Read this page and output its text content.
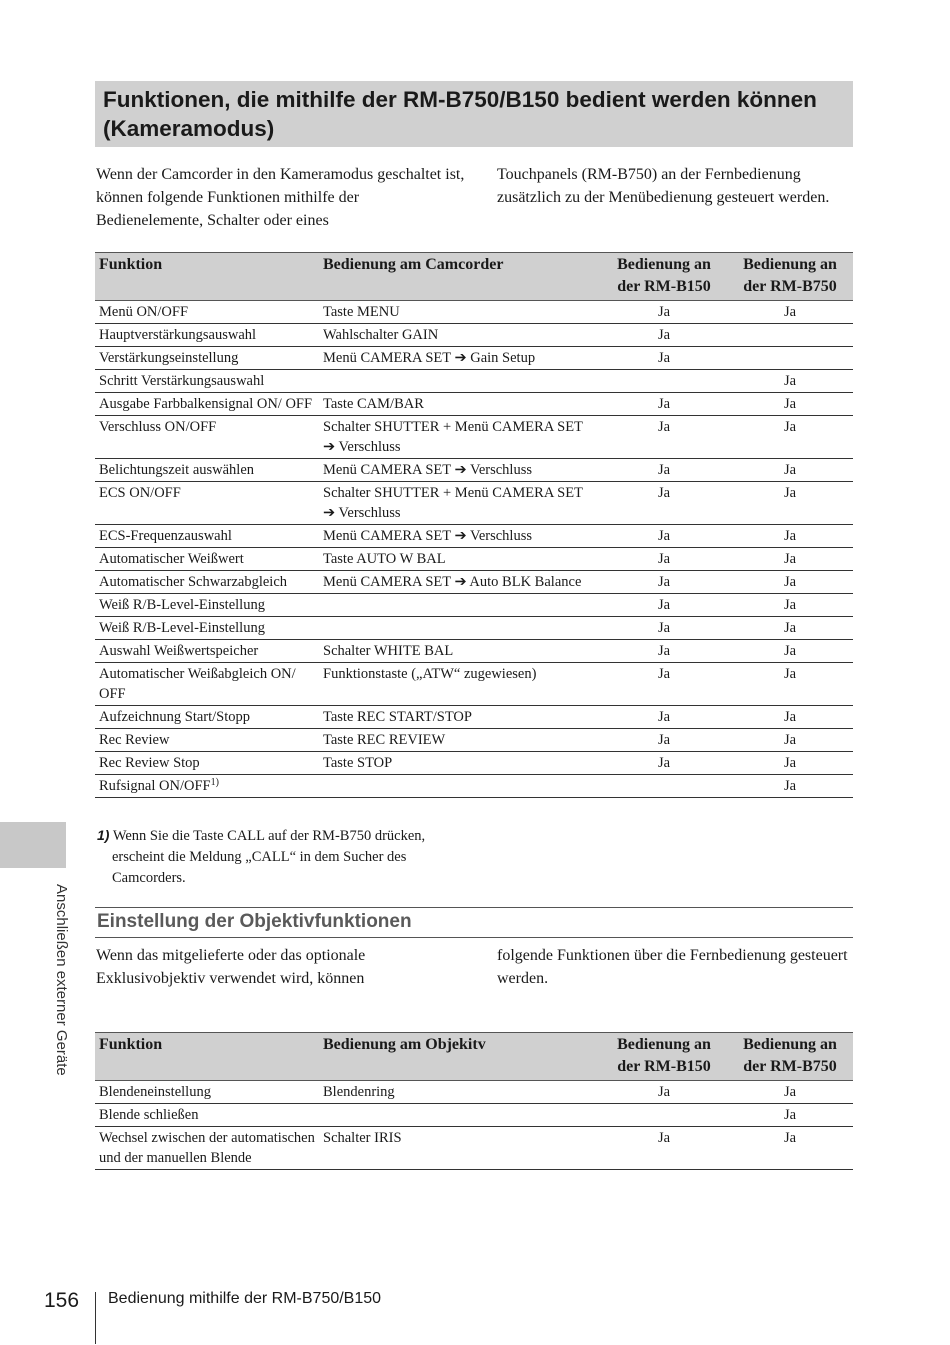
Funktionen, die mithilfe der RM-B750/B150 bedient werden können (Kameramodus)
Wenn der Camcorder in den Kameramodus geschaltet ist, können folgende Funktionen mithilfe der Bedienelemente, Schalter oder eines
Touchpanels (RM-B750) an der Fernbedienung zusätzlich zu der Menübedienung gesteuert werden.
Funktion	Bedienung am Camcorder	Bedienung an der RM-B150	Bedienung an der RM-B750
Menü ON/OFF	Taste MENU	Ja	Ja
Hauptverstärkungsauswahl	Wahlschalter GAIN	Ja	
Verstärkungseinstellung	Menü CAMERA SET ➔ Gain Setup	Ja	
Schritt Verstärkungsauswahl			Ja
Ausgabe Farbbalkensignal ON/ OFF	Taste CAM/BAR	Ja	Ja
Verschluss ON/OFF	Schalter SHUTTER + Menü CAMERA SET ➔ Verschluss	Ja	Ja
Belichtungszeit auswählen	Menü CAMERA SET ➔ Verschluss	Ja	Ja
ECS ON/OFF	Schalter SHUTTER + Menü CAMERA SET ➔ Verschluss	Ja	Ja
ECS-Frequenzauswahl	Menü CAMERA SET ➔ Verschluss	Ja	Ja
Automatischer Weißwert	Taste AUTO W BAL	Ja	Ja
Automatischer Schwarzabgleich	Menü CAMERA SET ➔ Auto BLK Balance	Ja	Ja
Weiß R/B-Level-Einstellung		Ja	Ja
Weiß R/B-Level-Einstellung		Ja	Ja
Auswahl Weißwertspeicher	Schalter WHITE BAL	Ja	Ja
Automatischer Weißabgleich ON/ OFF	Funktionstaste („ATW“ zugewiesen)	Ja	Ja
Aufzeichnung Start/Stopp	Taste REC START/STOP	Ja	Ja
Rec Review	Taste REC REVIEW	Ja	Ja
Rec Review Stop	Taste STOP	Ja	Ja
Rufsignal ON/OFF$^{1)}$			Ja
1) Wenn Sie die Taste CALL auf der RM-B750 drücken,
erscheint die Meldung „CALL“ in dem Sucher des
Camcorders.
Einstellung der Objektivfunktionen
Wenn das mitgelieferte oder das optionale Exklusivobjektiv verwendet wird, können
folgende Funktionen über die Fernbedienung gesteuert werden.
Funktion	Bedienung am Objekitv	Bedienung an der RM-B150	Bedienung an der RM-B750
Blendeneinstellung	Blendenring	Ja	Ja
Blende schließen			Ja
Wechsel zwischen der automatischen und der manuellen Blende	Schalter IRIS	Ja	Ja
Anschließen externer Geräte
156 Bedienung mithilfe der RM-B750/B150
